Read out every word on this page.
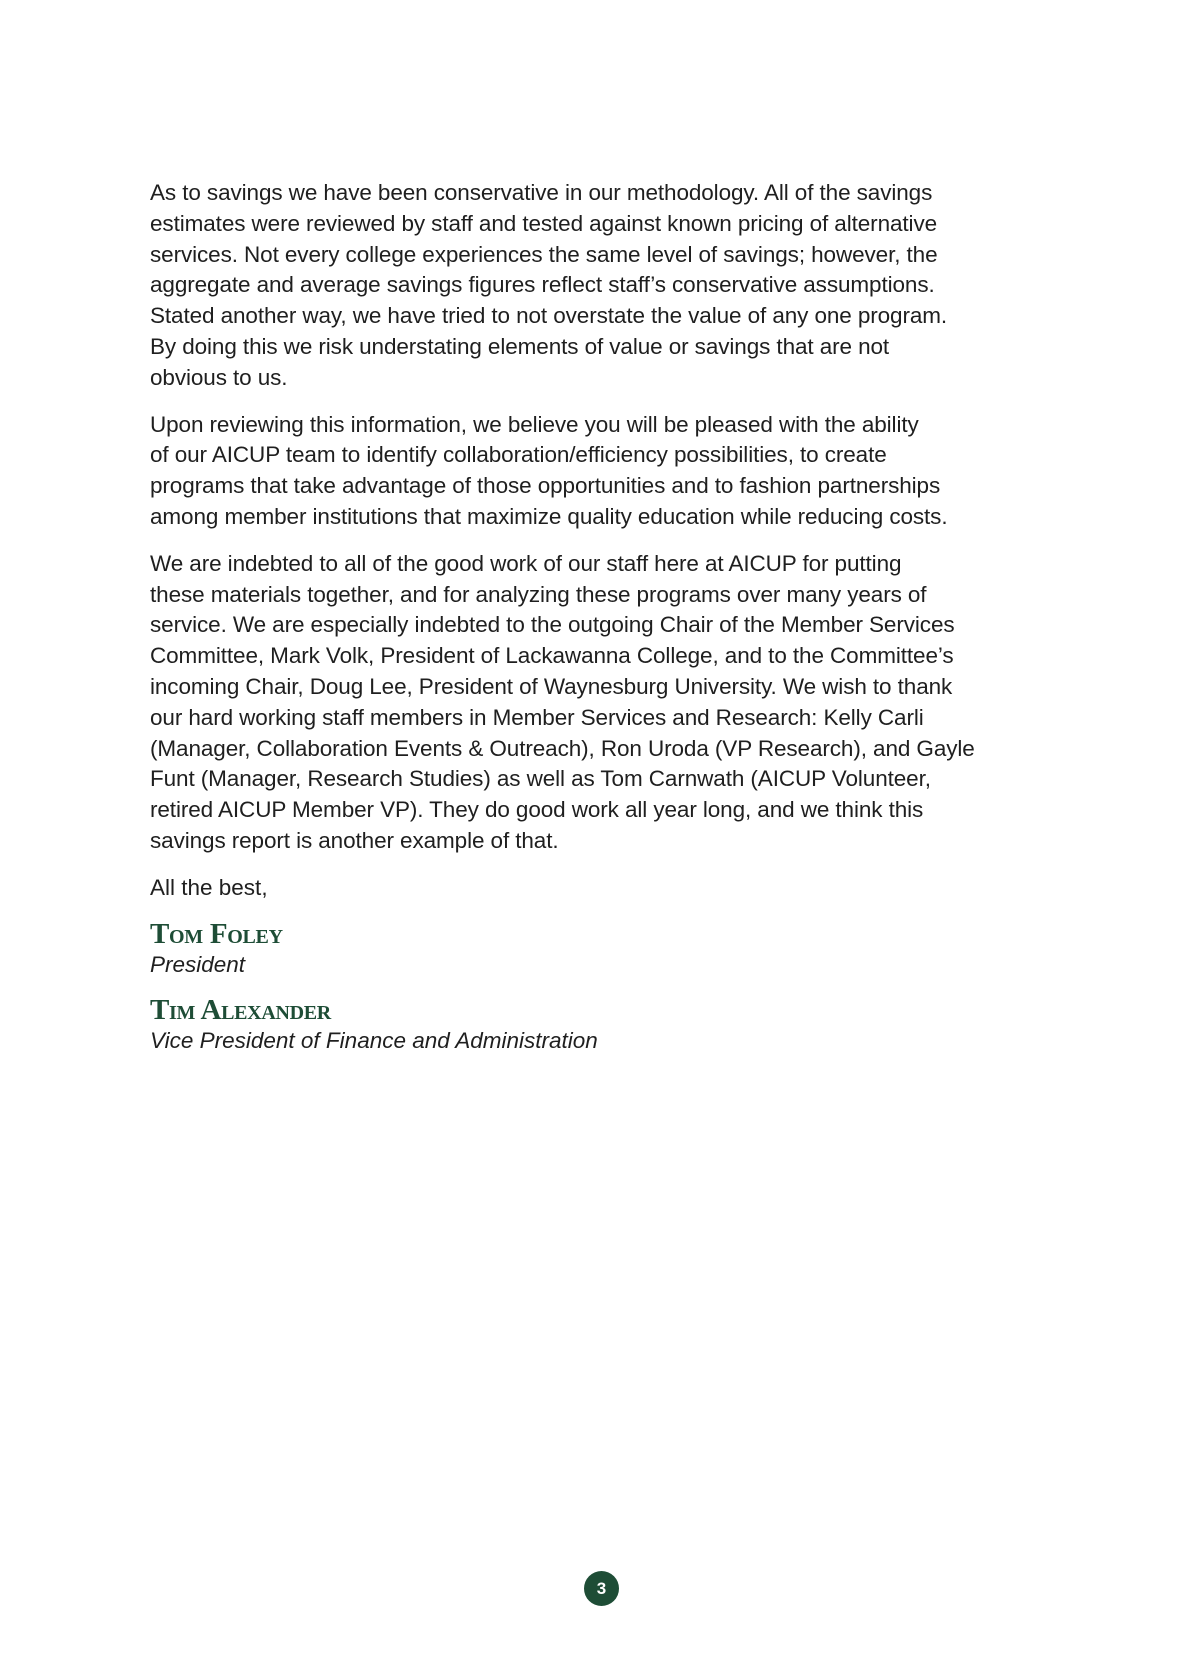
As to savings we have been conservative in our methodology. All of the savings
estimates were reviewed by staff and tested against known pricing of alternative
services. Not every college experiences the same level of savings; however, the
aggregate and average savings figures reflect staff’s conservative assumptions.
Stated another way, we have tried to not overstate the value of any one program.
By doing this we risk understating elements of value or savings that are not
obvious to us.

Upon reviewing this information, we believe you will be pleased with the ability
of our AICUP team to identify collaboration/efficiency possibilities, to create
programs that take advantage of those opportunities and to fashion partnerships
among member institutions that maximize quality education while reducing costs.

We are indebted to all of the good work of our staff here at AICUP for putting
these materials together, and for analyzing these programs over many years of
service. We are especially indebted to the outgoing Chair of the Member Services
Committee, Mark Volk, President of Lackawanna College, and to the Committee’s
incoming Chair, Doug Lee, President of Waynesburg University. We wish to thank
our hard working staff members in Member Services and Research: Kelly Carli
(Manager, Collaboration Events & Outreach), Ron Uroda (VP Research), and Gayle
Funt (Manager, Research Studies) as well as Tom Carnwath (AICUP Volunteer,
retired AICUP Member VP). They do good work all year long, and we think this
savings report is another example of that.

All the best,

Tom Foley
President
Tim Alexander
Vice President of Finance and Administration
3
